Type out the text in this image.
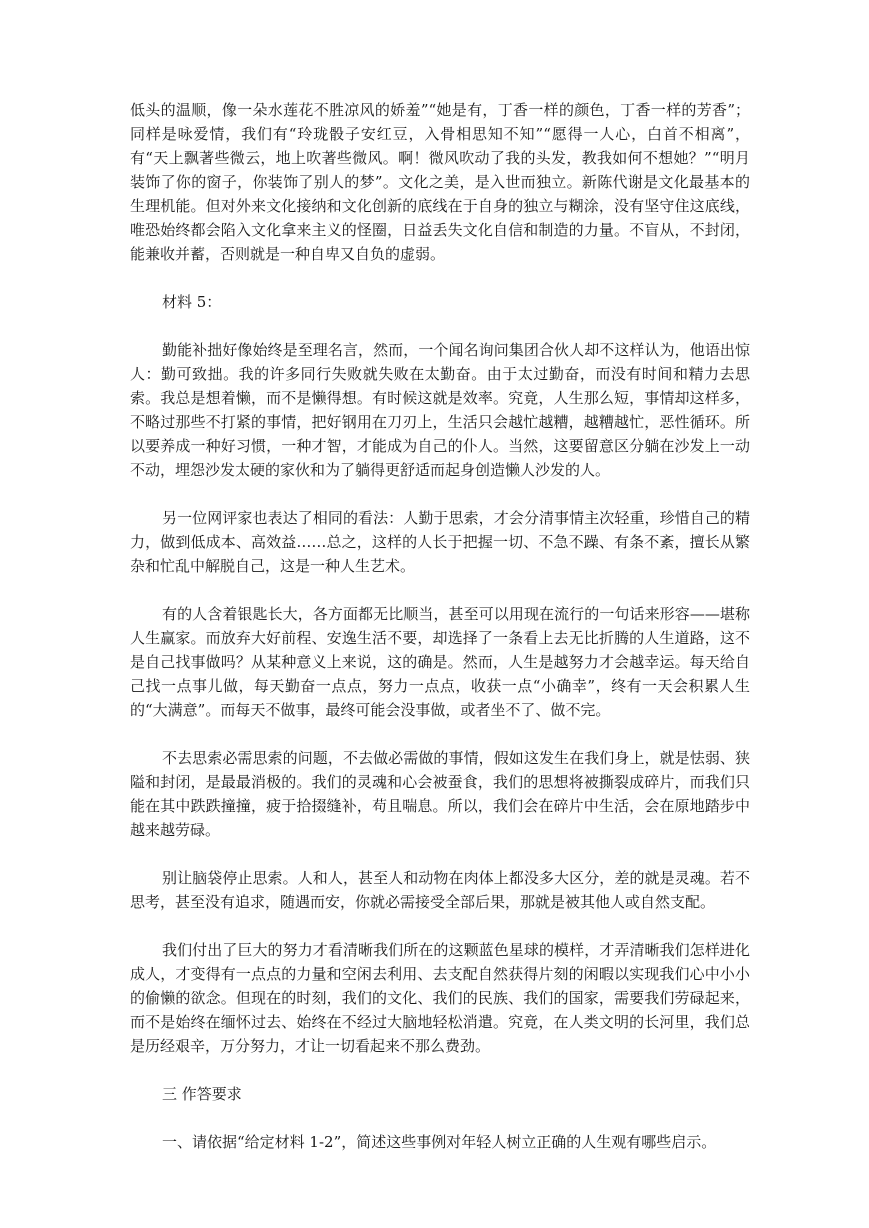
低头的温顺，像一朵水莲花不胜凉风的娇羞”“她是有，丁香一样的颜色，丁香一样的芳香”；同样是咏爱情，我们有“玲珑骰子安红豆，入骨相思知不知”“愿得一人心，白首不相离”，有“天上飘著些微云，地上吹著些微风。啊！微风吹动了我的头发，教我如何不想她？”“明月装饰了你的窗子，你装饰了别人的梦”。文化之美，是入世而独立。新陈代谢是文化最基本的生理机能。但对外来文化接纳和文化创新的底线在于自身的独立与糊涂，没有坚守住这底线，唯恐始终都会陷入文化拿来主义的怪圈，日益丢失文化自信和制造的力量。不盲从，不封闭，能兼收并蓄，否则就是一种自卑又自负的虚弱。

材料 5：

勤能补拙好像始终是至理名言，然而，一个闻名询问集团合伙人却不这样认为，他语出惊人：勤可致拙。我的许多同行失败就失败在太勤奋。由于太过勤奋，而没有时间和精力去思索。我总是想着懒，而不是懒得想。有时候这就是效率。究竟，人生那么短，事情却这样多，不略过那些不打紧的事情，把好钢用在刀刃上，生活只会越忙越糟，越糟越忙，恶性循环。所以要养成一种好习惯，一种才智，才能成为自己的仆人。当然，这要留意区分躺在沙发上一动不动，埋怨沙发太硬的家伙和为了躺得更舒适而起身创造懒人沙发的人。

另一位网评家也表达了相同的看法：人勤于思索，才会分清事情主次轻重，珍惜自己的精力，做到低成本、高效益……总之，这样的人长于把握一切、不急不躁、有条不紊，擅长从繁杂和忙乱中解脱自己，这是一种人生艺术。

有的人含着银匙长大，各方面都无比顺当，甚至可以用现在流行的一句话来形容——堪称人生赢家。而放弃大好前程、安逸生活不要，却选择了一条看上去无比折腾的人生道路，这不是自己找事做吗？从某种意义上来说，这的确是。然而，人生是越努力才会越幸运。每天给自己找一点事儿做，每天勤奋一点点，努力一点点，收获一点“小确幸”，终有一天会积累人生的“大满意”。而每天不做事，最终可能会没事做，或者坐不了、做不完。

不去思索必需思索的问题，不去做必需做的事情，假如这发生在我们身上，就是怯弱、狭隘和封闭，是最最消极的。我们的灵魂和心会被蚕食，我们的思想将被撕裂成碎片，而我们只能在其中跌跌撞撞，疲于拾掇缝补，苟且喘息。所以，我们会在碎片中生活，会在原地踏步中越来越劳碌。

别让脑袋停止思索。人和人，甚至人和动物在肉体上都没多大区分，差的就是灵魂。若不思考，甚至没有追求，随遇而安，你就必需接受全部后果，那就是被其他人或自然支配。

我们付出了巨大的努力才看清晰我们所在的这颗蓝色星球的模样，才弄清晰我们怎样进化成人，才变得有一点点的力量和空闲去利用、去支配自然获得片刻的闲暇以实现我们心中小小的偷懒的欲念。但现在的时刻，我们的文化、我们的民族、我们的国家，需要我们劳碌起来，而不是始终在缅怀过去、始终在不经过大脑地轻松消遣。究竟，在人类文明的长河里，我们总是历经艰辛，万分努力，才让一切看起来不那么费劲。

三 作答要求

一、请依据“给定材料 1-2”，简述这些事例对年轻人树立正确的人生观有哪些启示。
